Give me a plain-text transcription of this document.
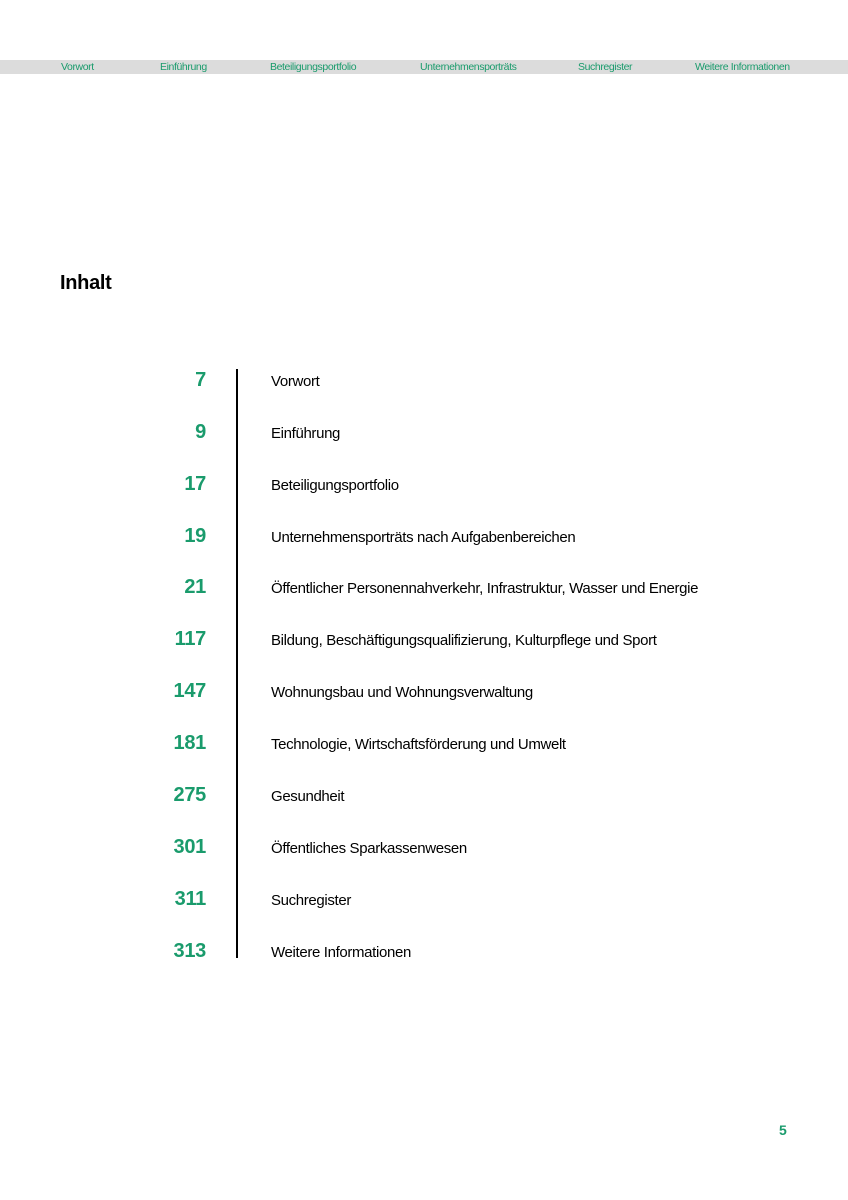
Vorwort	Einführung	Beteiligungsportfolio	Unternehmensporträts	Suchregister	Weitere Informationen
Inhalt
7	Vorwort
9	Einführung
17	Beteiligungsportfolio
19	Unternehmensporträts nach Aufgabenbereichen
21	Öffentlicher Personennahverkehr, Infrastruktur, Wasser und Energie
117	Bildung, Beschäftigungsqualifizierung, Kulturpflege und Sport
147	Wohnungsbau und Wohnungsverwaltung
181	Technologie, Wirtschaftsförderung und Umwelt
275	Gesundheit
301	Öffentliches Sparkassenwesen
311	Suchregister
313	Weitere Informationen
5
